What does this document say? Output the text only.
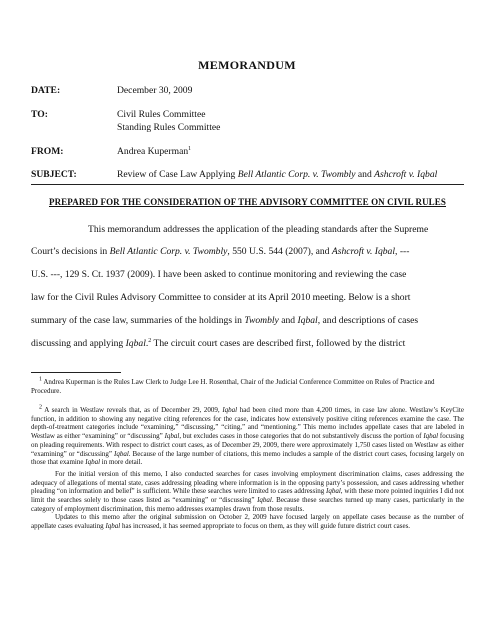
MEMORANDUM
DATE:	December 30, 2009
TO:	Civil Rules Committee
Standing Rules Committee
FROM:	Andrea Kuperman$^1$
SUBJECT:	Review of Case Law Applying Bell Atlantic Corp. v. Twombly and Ashcroft v. Iqbal
PREPARED FOR THE CONSIDERATION OF THE ADVISORY COMMITTEE ON CIVIL RULES
This memorandum addresses the application of the pleading standards after the Supreme
Court’s decisions in Bell Atlantic Corp. v. Twombly, 550 U.S. 544 (2007), and Ashcroft v. Iqbal, ---
U.S. ---, 129 S. Ct. 1937 (2009). I have been asked to continue monitoring and reviewing the case
law for the Civil Rules Advisory Committee to consider at its April 2010 meeting. Below is a short
summary of the case law, summaries of the holdings in Twombly and Iqbal, and descriptions of cases
discussing and applying Iqbal.$^2$ The circuit court cases are described first, followed by the district

$^1$ Andrea Kuperman is the Rules Law Clerk to Judge Lee H. Rosenthal, Chair of the Judicial Conference Committee on Rules of Practice and Procedure.

$^2$ A search in Westlaw reveals that, as of December 29, 2009, Iqbal had been cited more than 4,200 times, in case law alone. Westlaw’s KeyCite function, in addition to showing any negative citing references for the case, indicates how extensively positive citing references examine the case. The depth-of-treatment categories include “examining,” “discussing,” “citing,” and “mentioning.” This memo includes appellate cases that are labeled in Westlaw as either “examining” or “discussing” Iqbal, but excludes cases in those categories that do not substantively discuss the portion of Iqbal focusing on pleading requirements. With respect to district court cases, as of December 29, 2009, there were approximately 1,750 cases listed on Westlaw as either “examining” or “discussing” Iqbal. Because of the large number of citations, this memo includes a sample of the district court cases, focusing largely on those that examine Iqbal in more detail.

For the initial version of this memo, I also conducted searches for cases involving employment discrimination claims, cases addressing the adequacy of allegations of mental state, cases addressing pleading where information is in the opposing party’s possession, and cases addressing whether pleading “on information and belief” is sufficient. While these searches were limited to cases addressing Iqbal, with these more pointed inquiries I did not limit the searches solely to those cases listed as “examining” or “discussing” Iqbal. Because these searches turned up many cases, particularly in the category of employment discrimination, this memo addresses examples drawn from those results.

Updates to this memo after the original submission on October 2, 2009 have focused largely on appellate cases because as the number of appellate cases evaluating Iqbal has increased, it has seemed appropriate to focus on them, as they will guide future district court cases.
